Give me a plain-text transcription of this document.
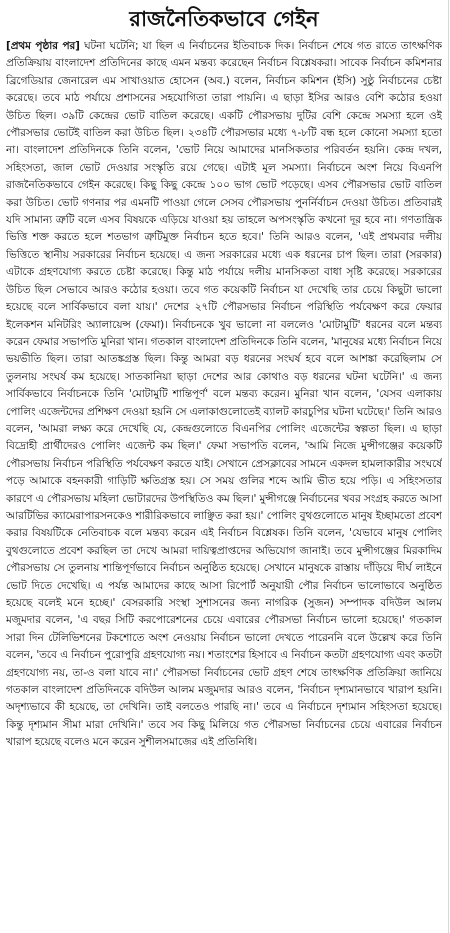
রাজনৈতিকভাবে গেইন
[প্রথম পৃষ্ঠার পর] ঘটনা ঘটেনি; যা ছিল এ নির্বাচনের ইতিবাচক দিক। নির্বাচন শেষে গত রাতে তাৎক্ষণিক প্রতিক্রিয়ায় বাংলাদেশ প্রতিদিনের কাছে এমন মন্তব্য করেছেন নির্বাচন বিশ্লেষকরা। সাবেক নির্বাচন কমিশনার ব্রিগেডিয়ার জেনারেল এম সাখাওয়াত হোসেন (অব.) বলেন, নির্বাচন কমিশন (ইসি) সুষ্ঠু নির্বাচনের চেষ্টা করেছে। তবে মাঠ পর্যায়ে প্রশাসনের সহযোগিতা তারা পায়নি। এ ছাড়া ইসির আরও বেশি কঠোর হওয়া উচিত ছিল। ৩৯টি কেন্দ্রের ভোট বাতিল করেছে। একটি পৌরসভায় দুটির বেশি কেন্দ্রে সমস্যা হলে ওই পৌরসভার ভোটই বাতিল করা উচিত ছিল। ২৩৪টি পৌরসভার মধ্যে ৭-৮টি বন্ধ হলে কোনো সমস্যা হতো না। বাংলাদেশ প্রতিদিনকে তিনি বলেন, 'ভোট নিয়ে আমাদের মানসিকতার পরিবর্তন হয়নি। কেন্দ্র দখল, সহিংসতা, জাল ভোট দেওয়ার সংস্কৃতি রয়ে গেছে। এটাই মূল সমস্যা। নির্বাচনে অংশ নিয়ে বিএনপি রাজনৈতিকভাবে গেইন করেছে। কিছু কিছু কেন্দ্রে ১০০ ভাগ ভোট পড়েছে। এসব পৌরসভার ভোট বাতিল করা উচিত। ভোট গণনার পর এমনটি পাওয়া গেলে সেসব পৌরসভায় পুনর্নির্বাচন দেওয়া উচিত। প্রতিবারই যদি সামান্য ত্রুটি বলে এসব বিষয়কে এড়িয়ে যাওয়া হয় তাহলে অপসংস্কৃতি কখনো দূর হবে না। গণতান্ত্রিক ভিত্তি শক্ত করতে হলে শতভাগ ত্রুটিমুক্ত নির্বাচন হতে হবে।' তিনি আরও বলেন, 'এই প্রথমবার দলীয় ভিত্তিতে স্থানীয় সরকারের নির্বাচন হয়েছে। এ জন্য সরকারের মধ্যে এক ধরনের চাপ ছিল। তারা (সরকার) এটাকে গ্রহণযোগ্য করতে চেষ্টা করেছে। কিন্তু মাঠ পর্যায়ে দলীয় মানসিকতা বাধা সৃষ্টি করেছে। সরকারের উচিত ছিল সেভাবে আরও কঠোর হওয়া। তবে গত কয়েকটি নির্বাচন যা দেখেছি তার চেয়ে কিছুটা ভালো হয়েছে বলে সার্বিকভাবে বলা যায়।' দেশের ২৭টি পৌরসভার নির্বাচন পরিস্থিতি পর্যবেক্ষণ করে ফেয়ার ইলেকশন মনিটরিং অ্যালায়েন্স (ফেমা)। নির্বাচনকে খুব ভালো না বললেও 'মোটামুটি' ধরনের বলে মন্তব্য করেন ফেমার সভাপতি মুনিরা খান। গতকাল বাংলাদেশ প্রতিদিনকে তিনি বলেন, 'মানুষের মধ্যে নির্বাচন নিয়ে ভয়ভীতি ছিল। তারা আতঙ্কগ্রস্ত ছিল। কিন্তু আমরা বড় ধরনের সংঘর্ষ হবে বলে আশঙ্কা করেছিলাম সে তুলনায় সংঘর্ষ কম হয়েছে। সাতকানিয়া ছাড়া দেশের আর কোথাও বড় ধরনের ঘটনা ঘটেনি।' এ জন্য সার্বিকভাবে নির্বাচনকে তিনি 'মোটামুটি শান্তিপূর্ণ' বলে মন্তব্য করেন। মুনিরা খান বলেন, 'যেসব এলাকায় পোলিং এজেন্টদের প্রশিক্ষণ দেওয়া হয়নি সে এলাকাগুলোতেই ব্যালট কারচুপির ঘটনা ঘটেছে।' তিনি আরও বলেন, 'আমরা লক্ষ্য করে দেখেছি যে, কেন্দ্রগুলোতে বিএনপির পোলিং এজেন্টের স্বল্পতা ছিল। এ ছাড়া বিদ্রোহী প্রার্থীদেরও পোলিং এজেন্ট কম ছিল।' ফেমা সভাপতি বলেন, 'আমি নিজে মুন্সীগঞ্জের কয়েকটি পৌরসভায় নির্বাচন পরিস্থিতি পর্যবেক্ষণ করতে যাই। সেখানে প্রেসক্লাবের সামনে একদল হামলাকারীর সংঘর্ষে পড়ে আমাকে বহনকারী গাড়িটি ক্ষতিগ্রস্ত হয়। সে সময় গুলির শব্দে আমি ভীত হয়ে পড়ি। এ সহিংসতার কারণে এ পৌরসভায় মহিলা ভোটারদের উপস্থিতিও কম ছিল।' মুন্সীগঞ্জে নির্বাচনের খবর সংগ্রহ করতে আসা আরটিভির ক্যামেরাপারসনকেও শারীরিকভাবে লাঞ্ছিত করা হয়।' পোলিং বুথগুলোতে মানুষ ইচ্ছামতো প্রবেশ করার বিষয়টিকে নেতিবাচক বলে মন্তব্য করেন এই নির্বাচন বিশ্লেষক। তিনি বলেন, 'যেভাবে মানুষ পোলিং বুথগুলোতে প্রবেশ করছিল তা দেখে আমরা দায়িত্বপ্রাপ্তদের অভিযোগ জানাই। তবে মুন্সীগঞ্জের মিরকাদিম পৌরসভায় সে তুলনায় শান্তিপূর্ণভাবে নির্বাচন অনুষ্ঠিত হয়েছে। সেখানে মানুষকে রাস্তায় দাঁড়িয়ে দীর্ঘ লাইনে ভোট দিতে দেখেছি। এ পর্যন্ত আমাদের কাছে আসা রিপোর্ট অনুযায়ী পৌর নির্বাচন ভালোভাবে অনুষ্ঠিত হয়েছে বলেই মনে হচ্ছে।' বেসরকারি সংস্থা সুশাসনের জন্য নাগরিক (সুজন) সম্পাদক বদিউল আলম মজুমদার বলেন, 'এ বছর সিটি করপোরেশনের চেয়ে এবারের পৌরসভা নির্বাচন ভালো হয়েছে।' গতকাল সারা দিন টেলিভিশনের টকশোতে অংশ নেওয়ায় নির্বাচন ভালো দেখতে পারেননি বলে উল্লেখ করে তিনি বলেন, 'তবে এ নির্বাচন পুরোপুরি গ্রহণযোগ্য নয়। শতাংশের হিসাবে এ নির্বাচন কতটা গ্রহণযোগ্য এবং কতটা গ্রহণযোগ্য নয়, তা-ও বলা যাবে না।' পৌরসভা নির্বাচনের ভোট গ্রহণ শেষে তাৎক্ষণিক প্রতিক্রিয়া জানিয়ে গতকাল বাংলাদেশ প্রতিদিনকে বদিউল আলম মজুমদার আরও বলেন, 'নির্বাচন দৃশ্যমানভাবে খারাপ হয়নি। অদৃশ্যভাবে কী হয়েছে, তা দেখিনি। তাই বলতেও পারছি না।' তবে এ নির্বাচনে দৃশ্যমান সহিংসতা হয়েছে। কিন্তু দৃশ্যমান সীমা মারা দেখিনি।' তবে সব কিছু মিলিয়ে গত পৌরসভা নির্বাচনের চেয়ে এবারের নির্বাচন খারাপ হয়েছে বলেও মনে করেন সুশীলসমাজের এই প্রতিনিধি।
